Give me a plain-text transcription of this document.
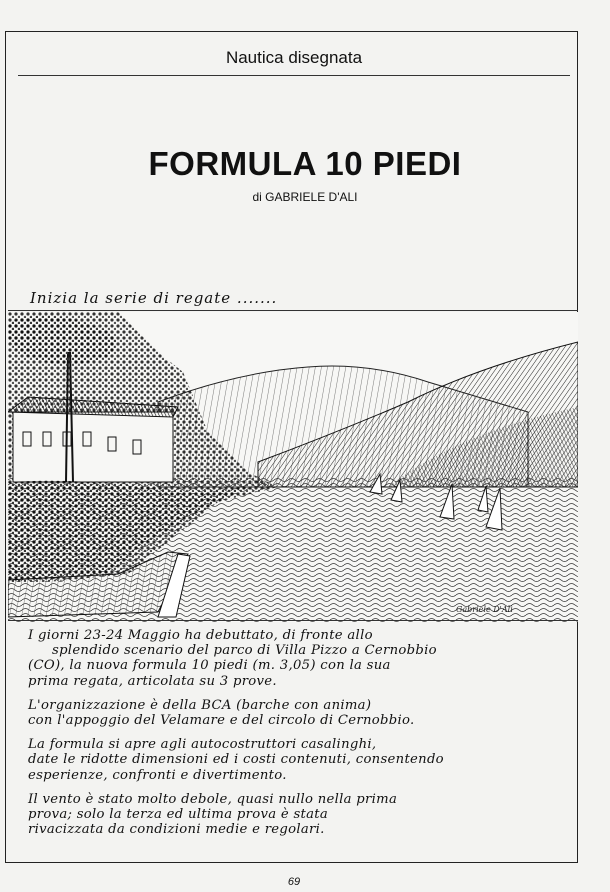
Nautica disegnata
FORMULA 10 PIEDI
di GABRIELE D'ALI
Inizia la serie di regate .......
Gabriele D'Alì
I giorni 23-24 Maggio ha debuttato, di fronte allo
splendido scenario del parco di Villa Pizzo a Cernobbio
(CO), la nuova formula 10 piedi (m. 3,05) con la sua
prima regata, articolata su 3 prove.
L'organizzazione è della BCA (barche con anima)
con l'appoggio del Velamare e del circolo di Cernobbio.
La formula si apre agli autocostruttori casalinghi,
date le ridotte dimensioni ed i costi contenuti, consentendo
esperienze, confronti e divertimento.
Il vento è stato molto debole, quasi nullo nella prima
prova; solo la terza ed ultima prova è stata
rivacizzata da condizioni medie e regolari.
69
